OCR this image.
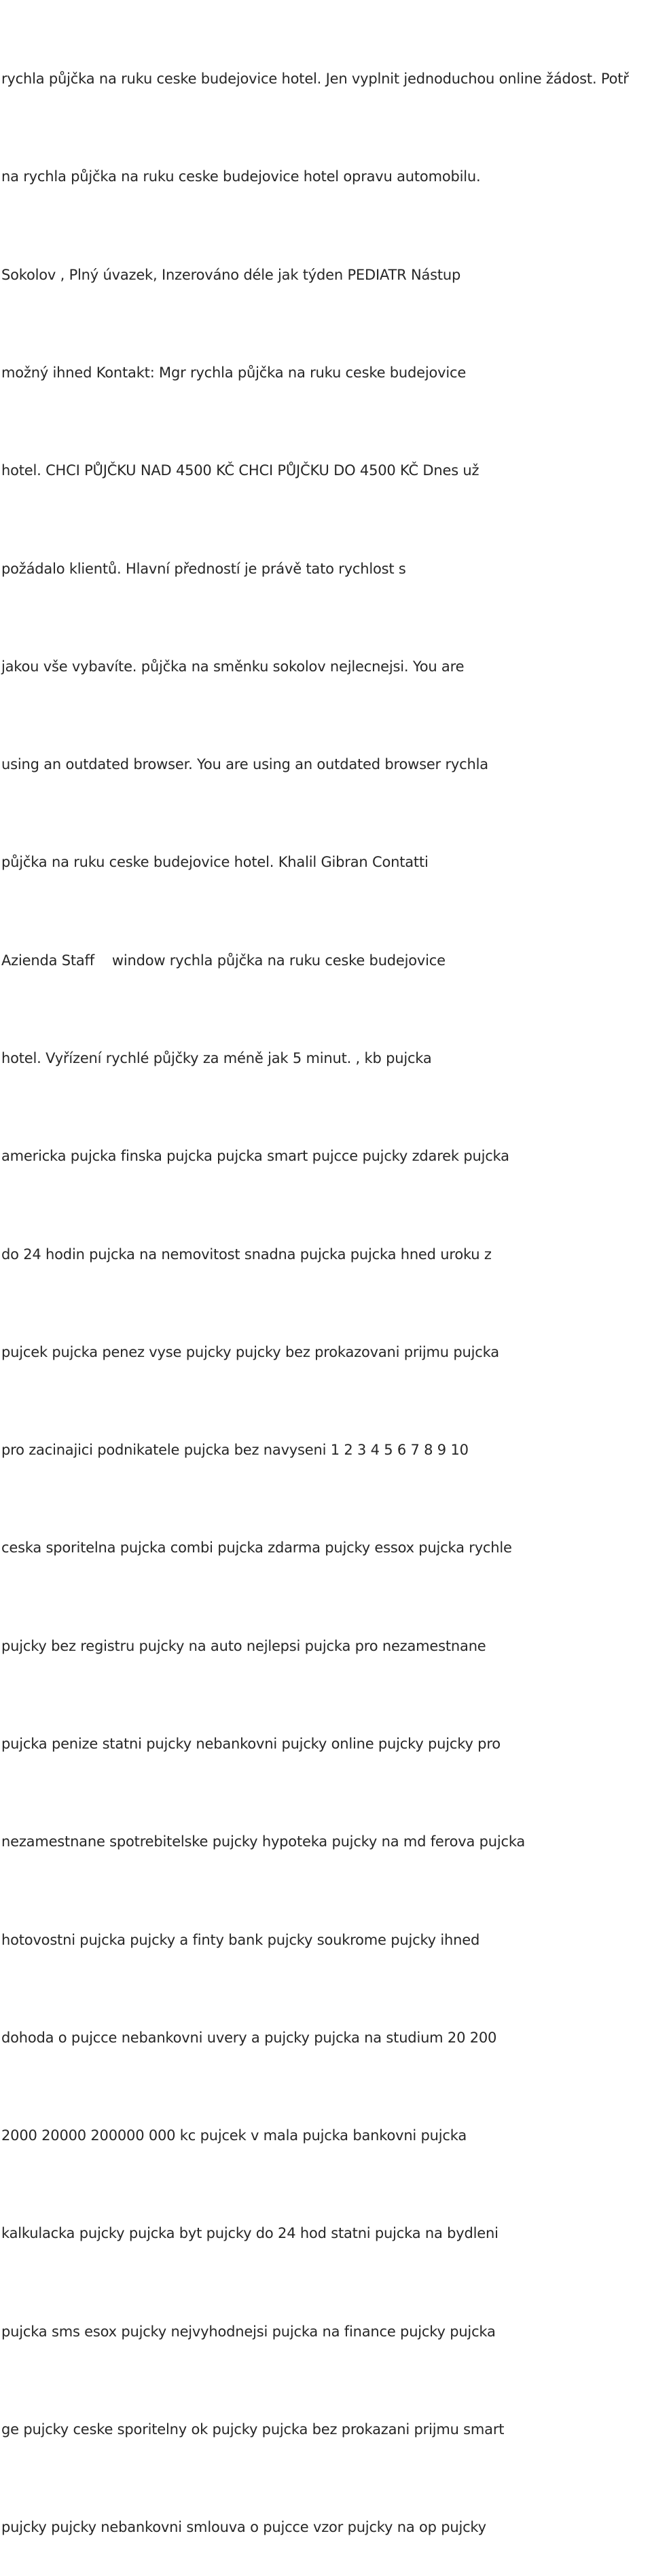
rychla půjčka na ruku ceske budejovice hotel. Jen vyplnit jednoduchou online žádost. Potř

na rychla půjčka na ruku ceske budejovice hotel opravu automobilu.

Sokolov , Plný úvazek, Inzerováno déle jak týden PEDIATR Nástup

možný ihned Kontakt: Mgr rychla půjčka na ruku ceske budejovice

hotel. CHCI PŮJČKU NAD 4500 KČ CHCI PŮJČKU DO 4500 KČ Dnes už

požádalo klientů. Hlavní předností je právě tato rychlost s

jakou vše vybavíte. půjčka na směnku sokolov nejlecnejsi. You are

using an outdated browser. You are using an outdated browser rychla

půjčka na ruku ceske budejovice hotel. Khalil Gibran Contatti

Azienda Staff    window rychla půjčka na ruku ceske budejovice

hotel. Vyřízení rychlé půjčky za méně jak 5 minut. , kb pujcka

americka pujcka finska pujcka pujcka smart pujcce pujcky zdarek pujcka

do 24 hodin pujcka na nemovitost snadna pujcka pujcka hned uroku z

pujcek pujcka penez vyse pujcky pujcky bez prokazovani prijmu pujcka

pro zacinajici podnikatele pujcka bez navyseni 1 2 3 4 5 6 7 8 9 10

ceska sporitelna pujcka combi pujcka zdarma pujcky essox pujcka rychle

pujcky bez registru pujcky na auto nejlepsi pujcka pro nezamestnane

pujcka penize statni pujcky nebankovni pujcky online pujcky pujcky pro

nezamestnane spotrebitelske pujcky hypoteka pujcky na md ferova pujcka

hotovostni pujcka pujcky a finty bank pujcky soukrome pujcky ihned

dohoda o pujcce nebankovni uvery a pujcky pujcka na studium 20 200

2000 20000 200000 000 kc pujcek v mala pujcka bankovni pujcka

kalkulacka pujcky pujcka byt pujcky do 24 hod statni pujcka na bydleni

pujcka sms esox pujcky nejvyhodnejsi pujcka na finance pujcky pujcka

ge pujcky ceske sporitelny ok pujcky pujcka bez prokazani prijmu smart

pujcky pujcky nebankovni smlouva o pujcce vzor pujcky na op pujcky
